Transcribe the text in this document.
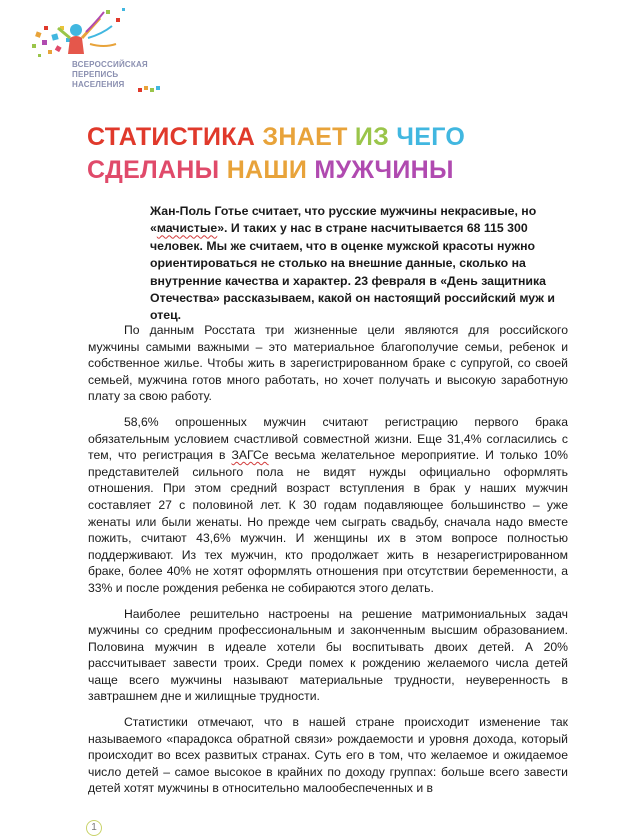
ВСЕРОССИЙСКАЯ
ПЕРЕПИСЬ
НАСЕЛЕНИЯ
СТАТИСТИКА ЗНАЕТ ИЗ ЧЕГО
СДЕЛАНЫ НАШИ МУЖЧИНЫ
Жан-Поль Готье считает, что русские мужчины некрасивые, но «мачистые». И таких у нас в стране насчитывается 68 115 300 человек. Мы же считаем, что в оценке мужской красоты нужно ориентироваться не столько на внешние данные, сколько на внутренние качества и характер. 23 февраля в «День защитника Отечества» рассказываем, какой он настоящий российский муж и отец.

По данным Росстата три жизненные цели являются для российского мужчины самыми важными – это материальное благополучие семьи, ребенок и собственное жилье. Чтобы жить в зарегистрированном браке с супругой, со своей семьей, мужчина готов много работать, но хочет получать и высокую заработную плату за свою работу.

58,6% опрошенных мужчин считают регистрацию первого брака обязательным условием счастливой совместной жизни. Еще 31,4% согласились с тем, что регистрация в ЗАГСе весьма желательное мероприятие. И только 10% представителей сильного пола не видят нужды официально оформлять отношения. При этом средний возраст вступления в брак у наших мужчин составляет 27 с половиной лет. К 30 годам подавляющее большинство – уже женаты или были женаты. Но прежде чем сыграть свадьбу, сначала надо вместе пожить, считают 43,6% мужчин. И женщины их в этом вопросе полностью поддерживают. Из тех мужчин, кто продолжает жить в незарегистрированном браке, более 40% не хотят оформлять отношения при отсутствии беременности, а 33% и после рождения ребенка не собираются этого делать.

Наиболее решительно настроены на решение матримониальных задач мужчины со средним профессиональным и законченным высшим образованием. Половина мужчин в идеале хотели бы воспитывать двоих детей. А 20% рассчитывает завести троих. Среди помех к рождению желаемого числа детей чаще всего мужчины называют материальные трудности, неуверенность в завтрашнем дне и жилищные трудности.

Статистики отмечают, что в нашей стране происходит изменение так называемого «парадокса обратной связи» рождаемости и уровня дохода, который происходит во всех развитых странах. Суть его в том, что желаемое и ожидаемое число детей – самое высокое в крайних по доходу группах: больше всего завести детей хотят мужчины в относительно малообеспеченных и в

1
